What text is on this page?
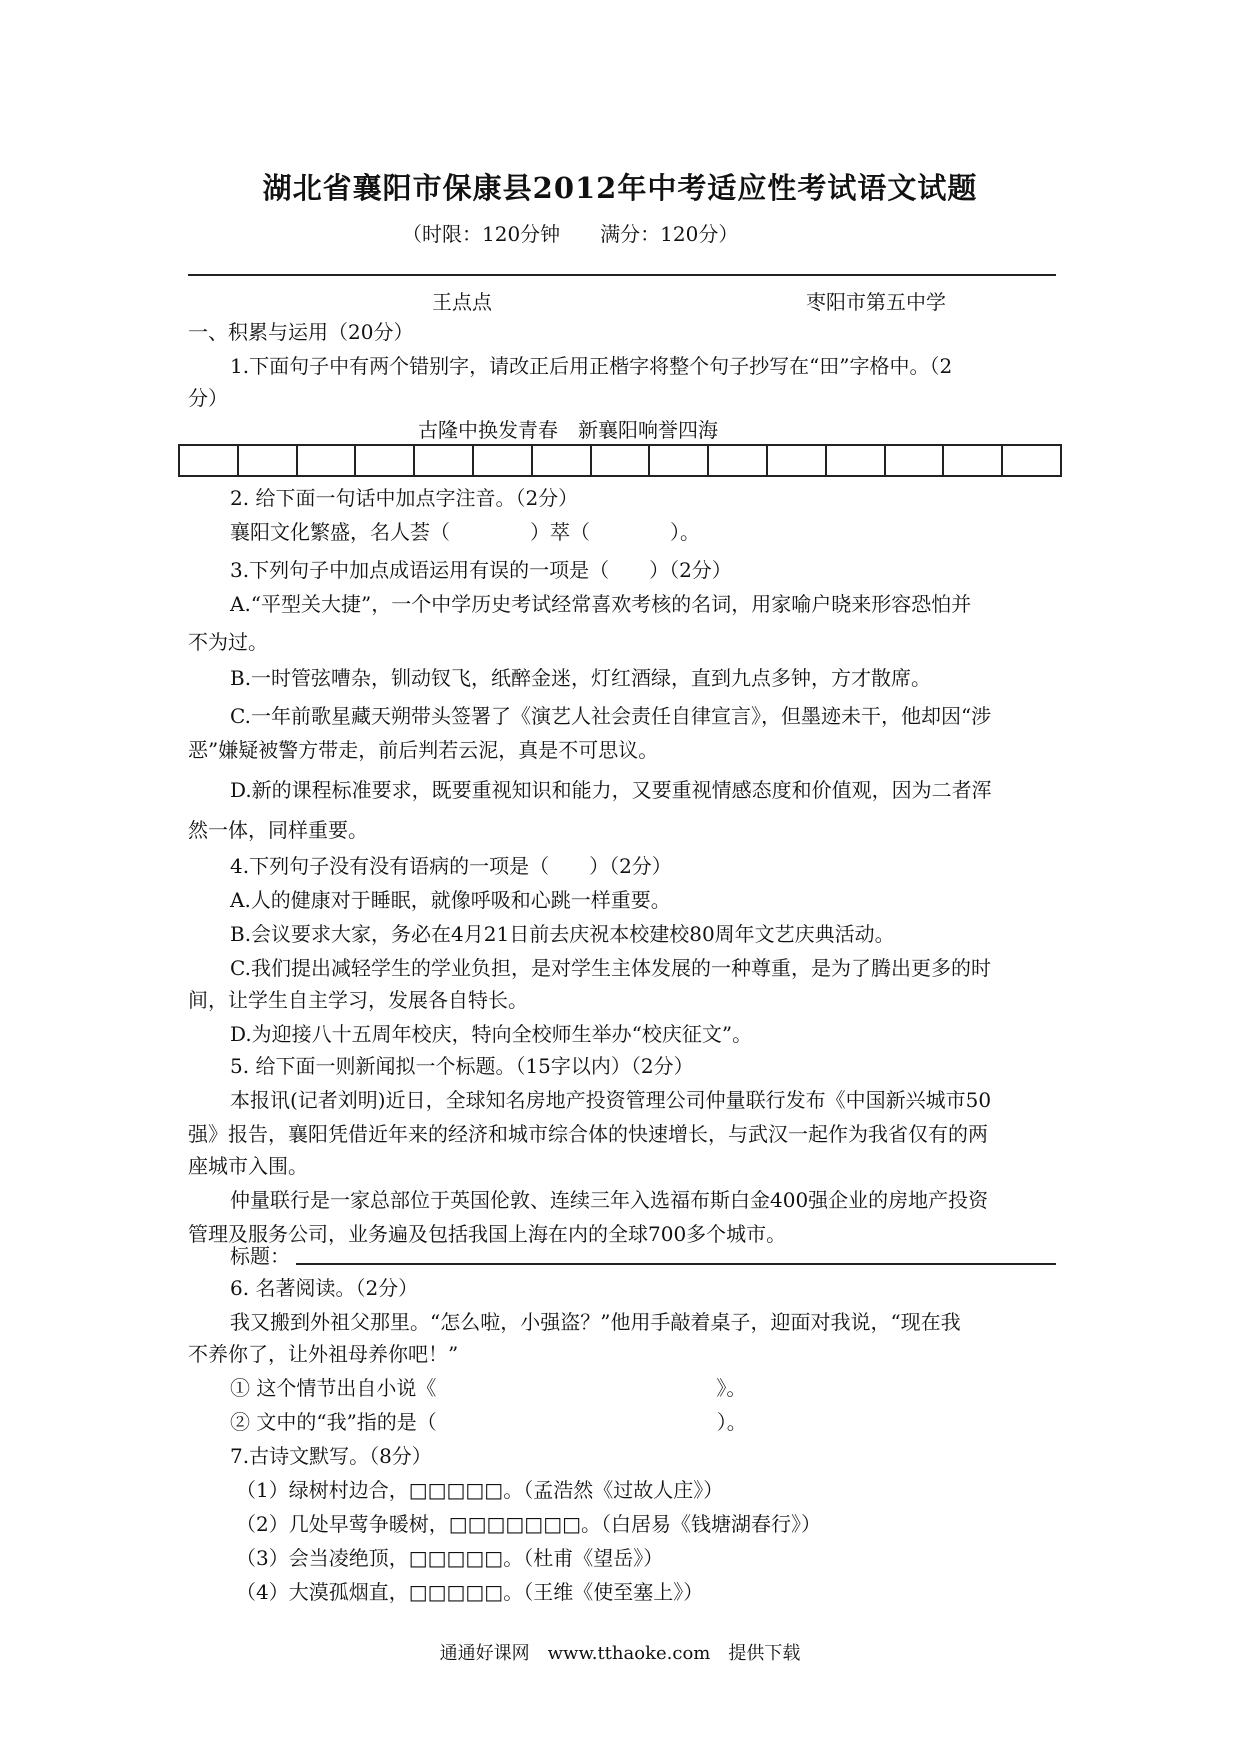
湖北省襄阳市保康县2012年中考适应性考试语文试题
（时限：120分钟　　满分：120分）
王点点	枣阳市第五中学
一、积累与运用（20分）
1.下面句子中有两个错别字，请改正后用正楷字将整个句子抄写在“田”字格中。（2
分）
古隆中换发青春　新襄阳响誉四海
2. 给下面一句话中加点字注音。（2分）
襄阳文化繁盛，名人荟（　　　　）萃（　　　　）。
3.下列句子中加点成语运用有误的一项是（　　）（2分）
A.“平型关大捷”，一个中学历史考试经常喜欢考核的名词，用家喻户晓来形容恐怕并
不为过。
B.一时管弦嘈杂，钏动钗飞，纸醉金迷，灯红酒绿，直到九点多钟，方才散席。
C.一年前歌星藏天朔带头签署了《演艺人社会责任自律宣言》，但墨迹未干，他却因“涉
恶”嫌疑被警方带走，前后判若云泥，真是不可思议。
D.新的课程标准要求，既要重视知识和能力，又要重视情感态度和价值观，因为二者浑
然一体，同样重要。
4.下列句子没有没有语病的一项是（　　）（2分）
A.人的健康对于睡眠，就像呼吸和心跳一样重要。
B.会议要求大家，务必在4月21日前去庆祝本校建校80周年文艺庆典活动。
C.我们提出减轻学生的学业负担，是对学生主体发展的一种尊重，是为了腾出更多的时
间，让学生自主学习，发展各自特长。
D.为迎接八十五周年校庆，特向全校师生举办“校庆征文”。
5. 给下面一则新闻拟一个标题。（15字以内）（2分）
本报讯(记者刘明)近日，全球知名房地产投资管理公司仲量联行发布《中国新兴城市50
强》报告，襄阳凭借近年来的经济和城市综合体的快速增长，与武汉一起作为我省仅有的两
座城市入围。
仲量联行是一家总部位于英国伦敦、连续三年入选福布斯白金400强企业的房地产投资
管理及服务公司，业务遍及包括我国上海在内的全球700多个城市。
标题：
6. 名著阅读。（2分）
我又搬到外祖父那里。“怎么啦，小强盗？”他用手敲着桌子，迎面对我说，“现在我
不养你了，让外祖母养你吧！”
① 这个情节出自小说《　　　　　　　　　　　　　　》。
② 文中的“我”指的是（　　　　　　　　　　　　　　）。
7.古诗文默写。（8分）
（1）绿树村边合，□□□□□。（孟浩然《过故人庄》）
（2）几处早莺争暖树，□□□□□□□。（白居易《钱塘湖春行》）
（3）会当凌绝顶，□□□□□。（杜甫《望岳》）
（4）大漠孤烟直，□□□□□。（王维《使至塞上》）
通通好课网　www.tthaoke.com　提供下载
